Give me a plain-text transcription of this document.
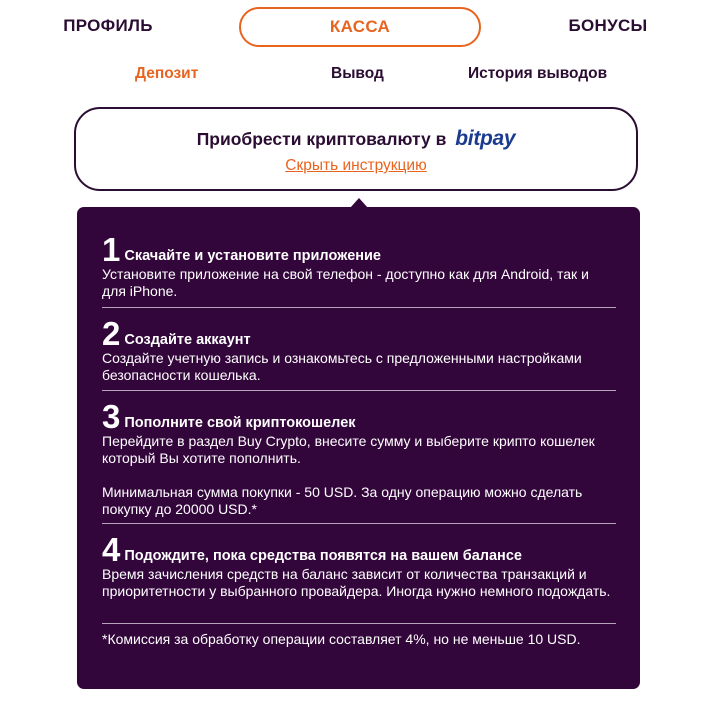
ПРОФИЛЬ	КАССА	БОНУСЫ
Депозит	Вывод	История выводов
Приобрести криптовалюту в bitpay
Скрыть инструкцию
1 Скачайте и установите приложение
Установите приложение на свой телефон - доступно как для Android, так и для iPhone.
2 Создайте аккаунт
Создайте учетную запись и ознакомьтесь с предложенными настройками безопасности кошелька.
3 Пополните свой криптокошелек
Перейдите в раздел Buy Crypto, внесите сумму и выберите крипто кошелек который Вы хотите пополнить.
Минимальная сумма покупки - 50 USD. За одну операцию можно сделать покупку до 20000 USD.*
4 Подождите, пока средства появятся на вашем балансе
Время зачисления средств на баланс зависит от количества транзакций и приоритетности у выбранного провайдера. Иногда нужно немного подождать.
*Комиссия за обработку операции составляет 4%, но не меньше 10 USD.
